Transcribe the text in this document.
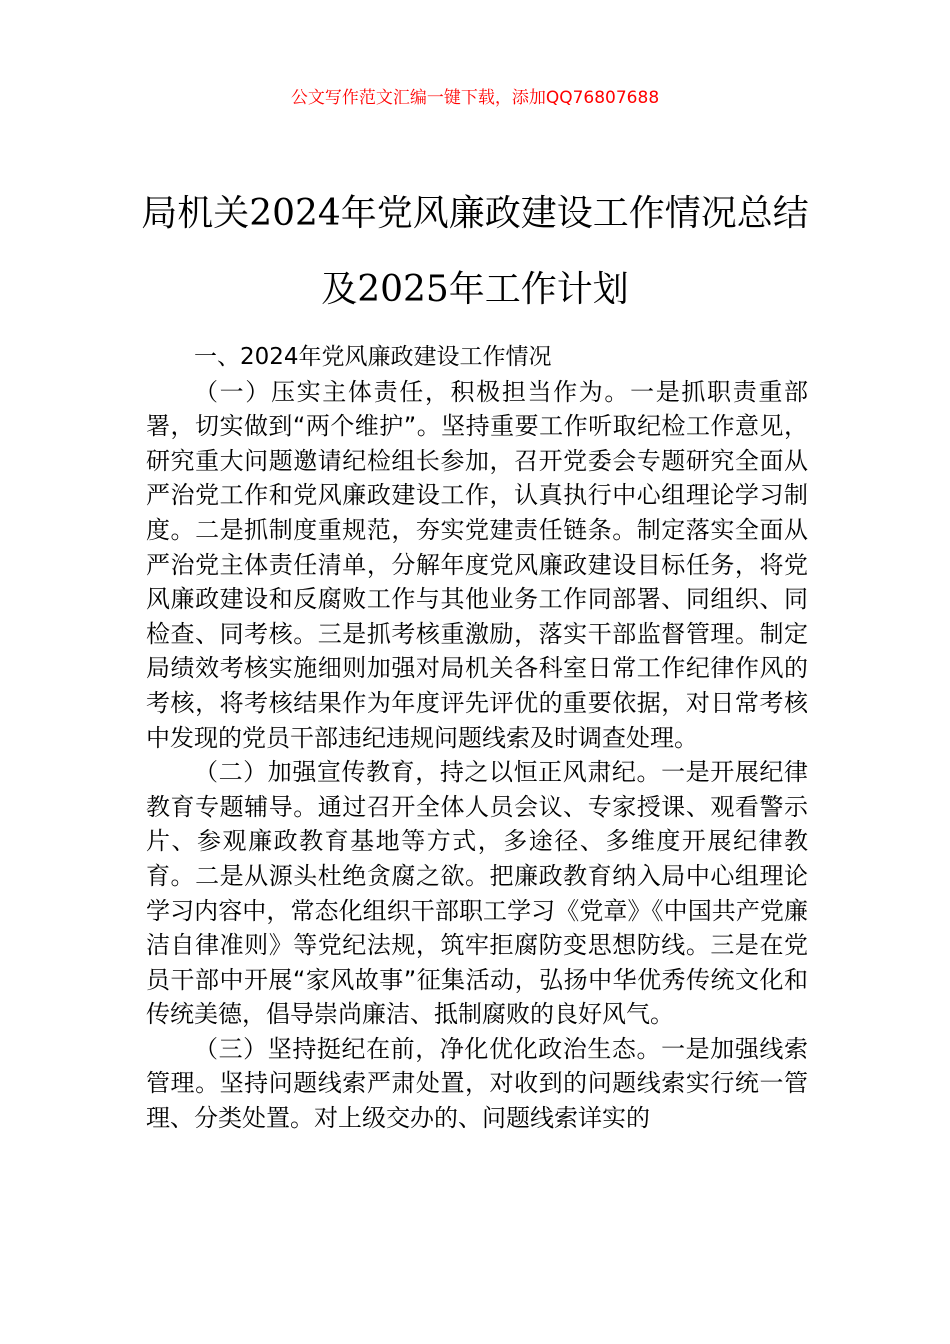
公文写作范文汇编一键下载，添加QQ76807688
局机关2024年党风廉政建设工作情况总结
及2025年工作计划

一、2024年党风廉政建设工作情况

（一）压实主体责任，积极担当作为。一是抓职责重部署，切实做到“两个维护”。坚持重要工作听取纪检工作意见，研究重大问题邀请纪检组长参加，召开党委会专题研究全面从严治党工作和党风廉政建设工作，认真执行中心组理论学习制度。二是抓制度重规范，夯实党建责任链条。制定落实全面从严治党主体责任清单，分解年度党风廉政建设目标任务，将党风廉政建设和反腐败工作与其他业务工作同部署、同组织、同检查、同考核。三是抓考核重激励，落实干部监督管理。制定局绩效考核实施细则加强对局机关各科室日常工作纪律作风的考核，将考核结果作为年度评先评优的重要依据，对日常考核中发现的党员干部违纪违规问题线索及时调查处理。

（二）加强宣传教育，持之以恒正风肃纪。一是开展纪律教育专题辅导。通过召开全体人员会议、专家授课、观看警示片、参观廉政教育基地等方式，多途径、多维度开展纪律教育。二是从源头杜绝贪腐之欲。把廉政教育纳入局中心组理论学习内容中，常态化组织干部职工学习《党章》《中国共产党廉洁自律准则》等党纪法规，筑牢拒腐防变思想防线。三是在党员干部中开展“家风故事”征集活动，弘扬中华优秀传统文化和传统美德，倡导崇尚廉洁、抵制腐败的良好风气。

（三）坚持挺纪在前，净化优化政治生态。一是加强线索管理。坚持问题线索严肃处置，对收到的问题线索实行统一管理、分类处置。对上级交办的、问题线索详实的
